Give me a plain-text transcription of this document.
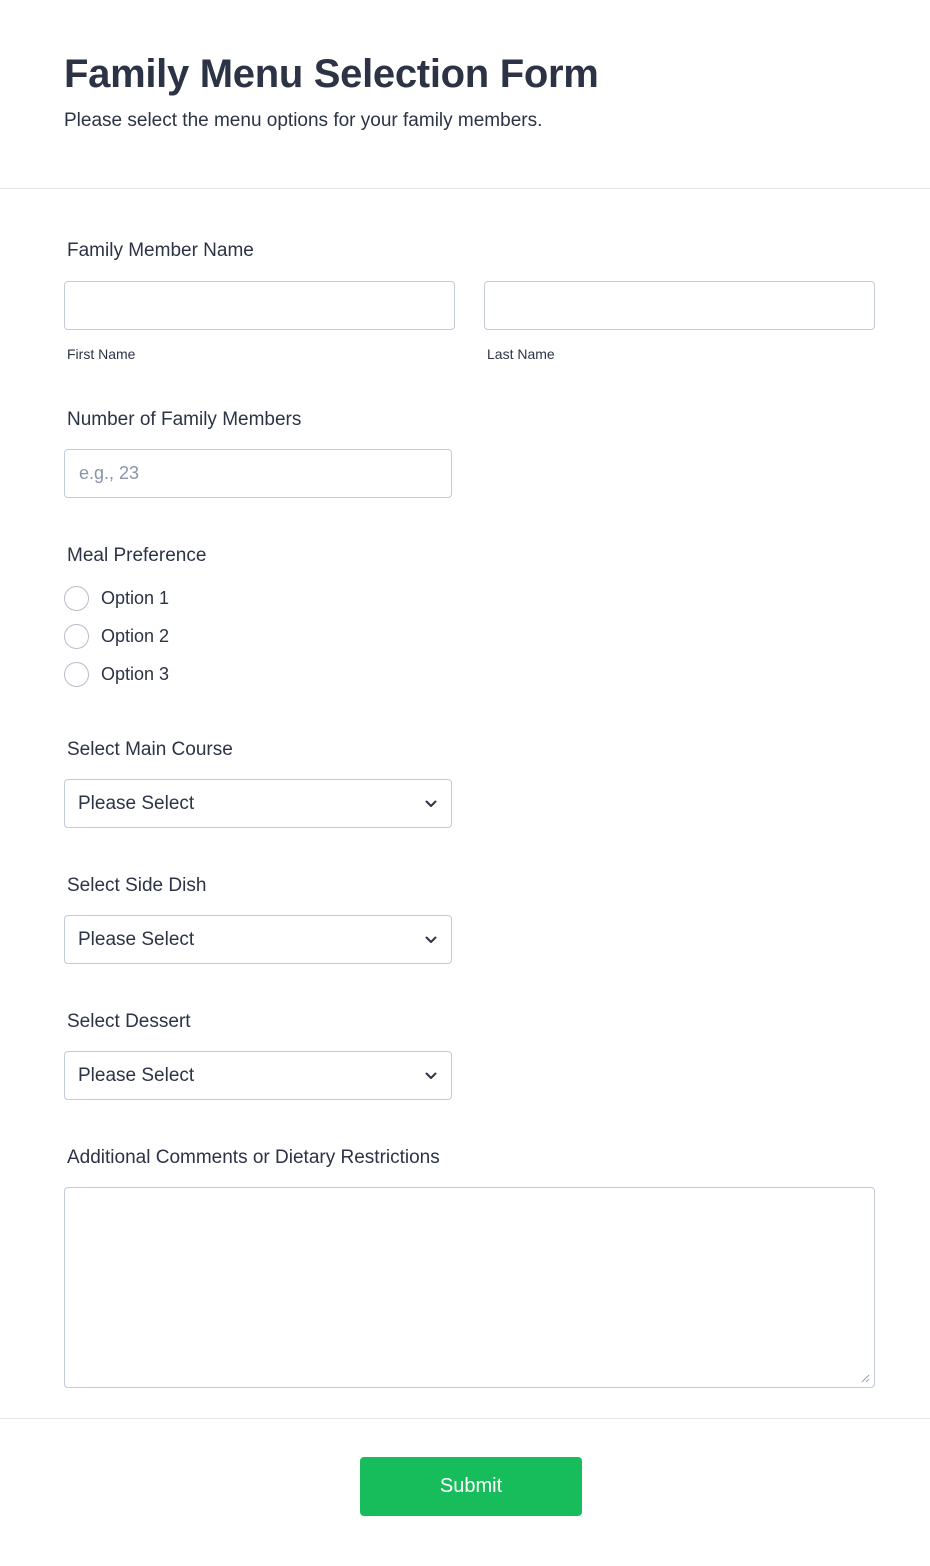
Family Menu Selection Form

Please select the menu options for your family members.

Family Member Name
First Name	Last Name
Number of Family Members
e.g., 23
Meal Preference
Option 1
Option 2
Option 3
Select Main Course
Please Select
Select Side Dish
Please Select
Select Dessert
Please Select
Additional Comments or Dietary Restrictions
Submit
